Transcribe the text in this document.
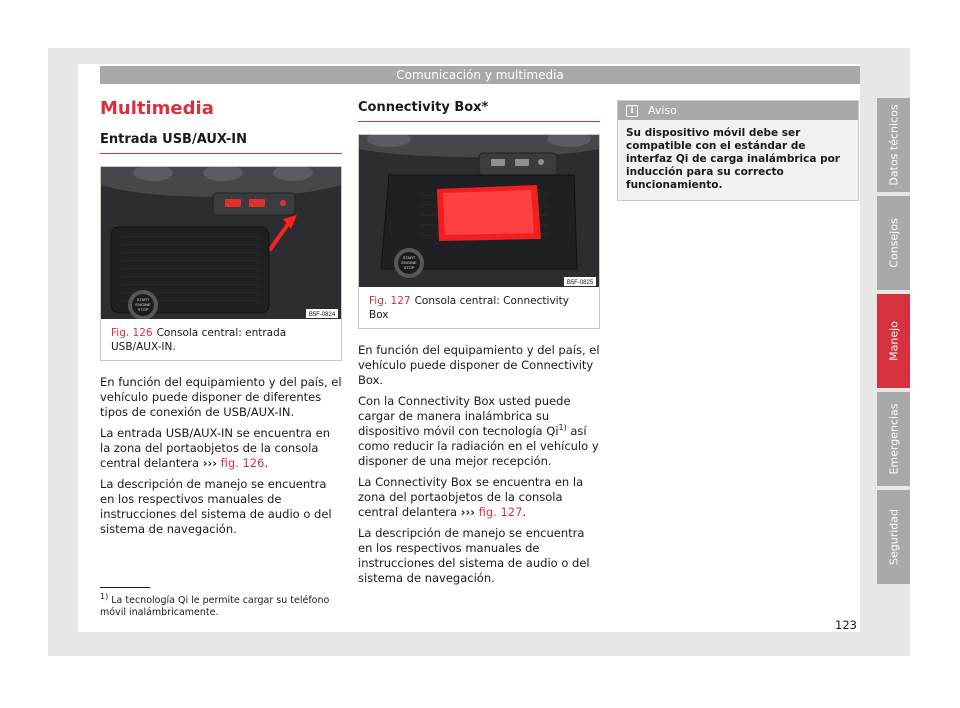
Comunicación y multimedia
Multimedia
Entrada USB/AUX-IN
START
ENGINE
STOP
B5F-0824
Fig. 126 Consola central: entrada USB/AUX-IN.

En función del equipamiento y del país, el vehículo puede disponer de diferentes tipos de conexión de USB/AUX-IN.

La entrada USB/AUX-IN se encuentra en la zona del portaobjetos de la consola central delantera ››› fig. 126.

La descripción de manejo se encuentra en los respectivos manuales de instrucciones del sistema de audio o del sistema de navegación.

Connectivity Box*
START
ENGINE
STOP
B5F-0825
Fig. 127 Consola central: Connectivity Box

En función del equipamiento y del país, el vehículo puede disponer de Connectivity Box.

Con la Connectivity Box usted puede cargar de manera inalámbrica su dispositivo móvil con tecnología Qi$^{1)}$ así como reducir la radiación en el vehículo y disponer de una mejor recepción.

La Connectivity Box se encuentra en la zona del portaobjetos de la consola central delantera ››› fig. 127.

La descripción de manejo se encuentra en los respectivos manuales de instrucciones del sistema de audio o del sistema de navegación.

i	Aviso
Su dispositivo móvil debe ser compatible con el estándar de interfaz Qi de carga inalámbrica por inducción para su correcto funcionamiento.
$^{1)}$ La tecnología Qi le permite cargar su teléfono móvil inalámbricamente.
123
Datos técnicos
Consejos
Manejo
Emergencias
Seguridad
